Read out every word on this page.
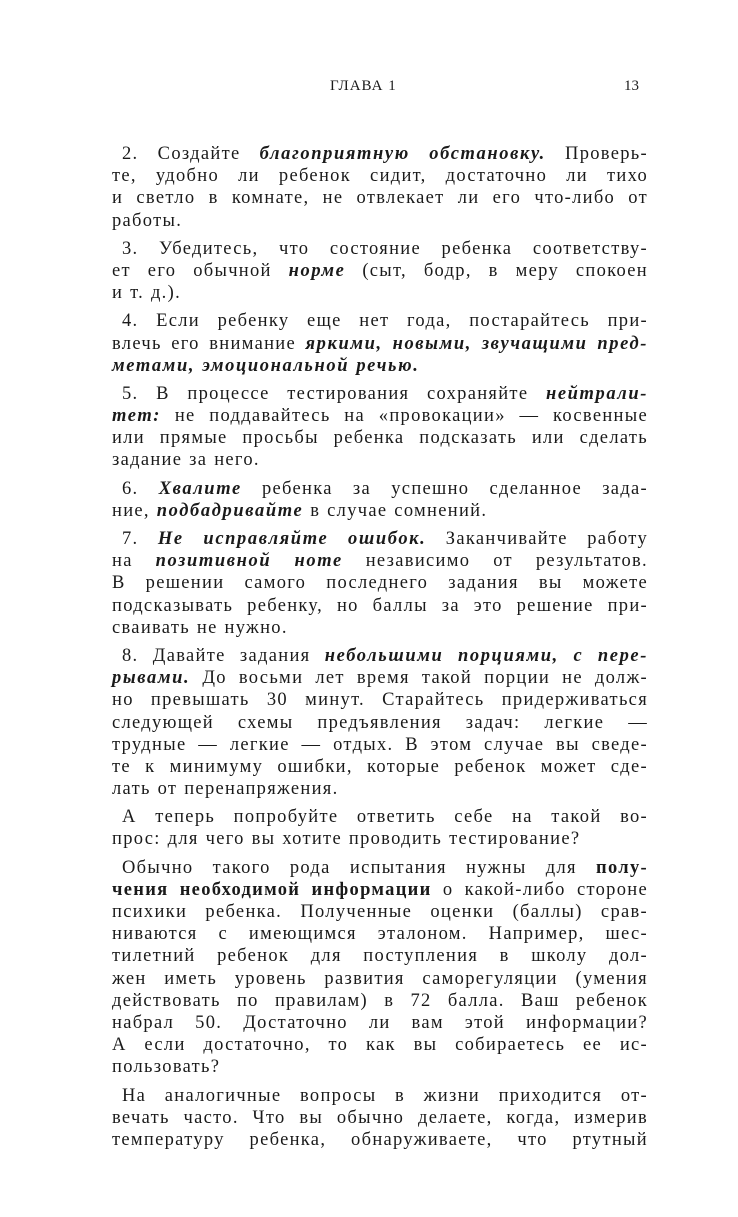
ГЛАВА 1	13
2. Создайте благоприятную обстановку. Проверь-
те, удобно ли ребенок сидит, достаточно ли тихо
и светло в комнате, не отвлекает ли его что-либо от
работы.
3. Убедитесь, что состояние ребенка соответству-
ет его обычной норме (сыт, бодр, в меру спокоен
и т. д.).
4. Если ребенку еще нет года, постарайтесь при-
влечь его внимание яркими, новыми, звучащими пред-
метами, эмоциональной речью.
5. В процессе тестирования сохраняйте нейтрали-
тет: не поддавайтесь на «провокации» — косвенные
или прямые просьбы ребенка подсказать или сделать
задание за него.
6. Хвалите ребенка за успешно сделанное зада-
ние, подбадривайте в случае сомнений.
7. Не исправляйте ошибок. Заканчивайте работу
на позитивной ноте независимо от результатов.
В решении самого последнего задания вы можете
подсказывать ребенку, но баллы за это решение при-
сваивать не нужно.
8. Давайте задания небольшими порциями, с пере-
рывами. До восьми лет время такой порции не долж-
но превышать 30 минут. Старайтесь придерживаться
следующей схемы предъявления задач: легкие —
трудные — легкие — отдых. В этом случае вы сведе-
те к минимуму ошибки, которые ребенок может сде-
лать от перенапряжения.
А теперь попробуйте ответить себе на такой во-
прос: для чего вы хотите проводить тестирование?
Обычно такого рода испытания нужны для полу-
чения необходимой информации о какой-либо стороне
психики ребенка. Полученные оценки (баллы) срав-
ниваются с имеющимся эталоном. Например, шес-
тилетний ребенок для поступления в школу дол-
жен иметь уровень развития саморегуляции (умения
действовать по правилам) в 72 балла. Ваш ребенок
набрал 50. Достаточно ли вам этой информации?
А если достаточно, то как вы собираетесь ее ис-
пользовать?
На аналогичные вопросы в жизни приходится от-
вечать часто. Что вы обычно делаете, когда, измерив
температуру ребенка, обнаруживаете, что ртутный
